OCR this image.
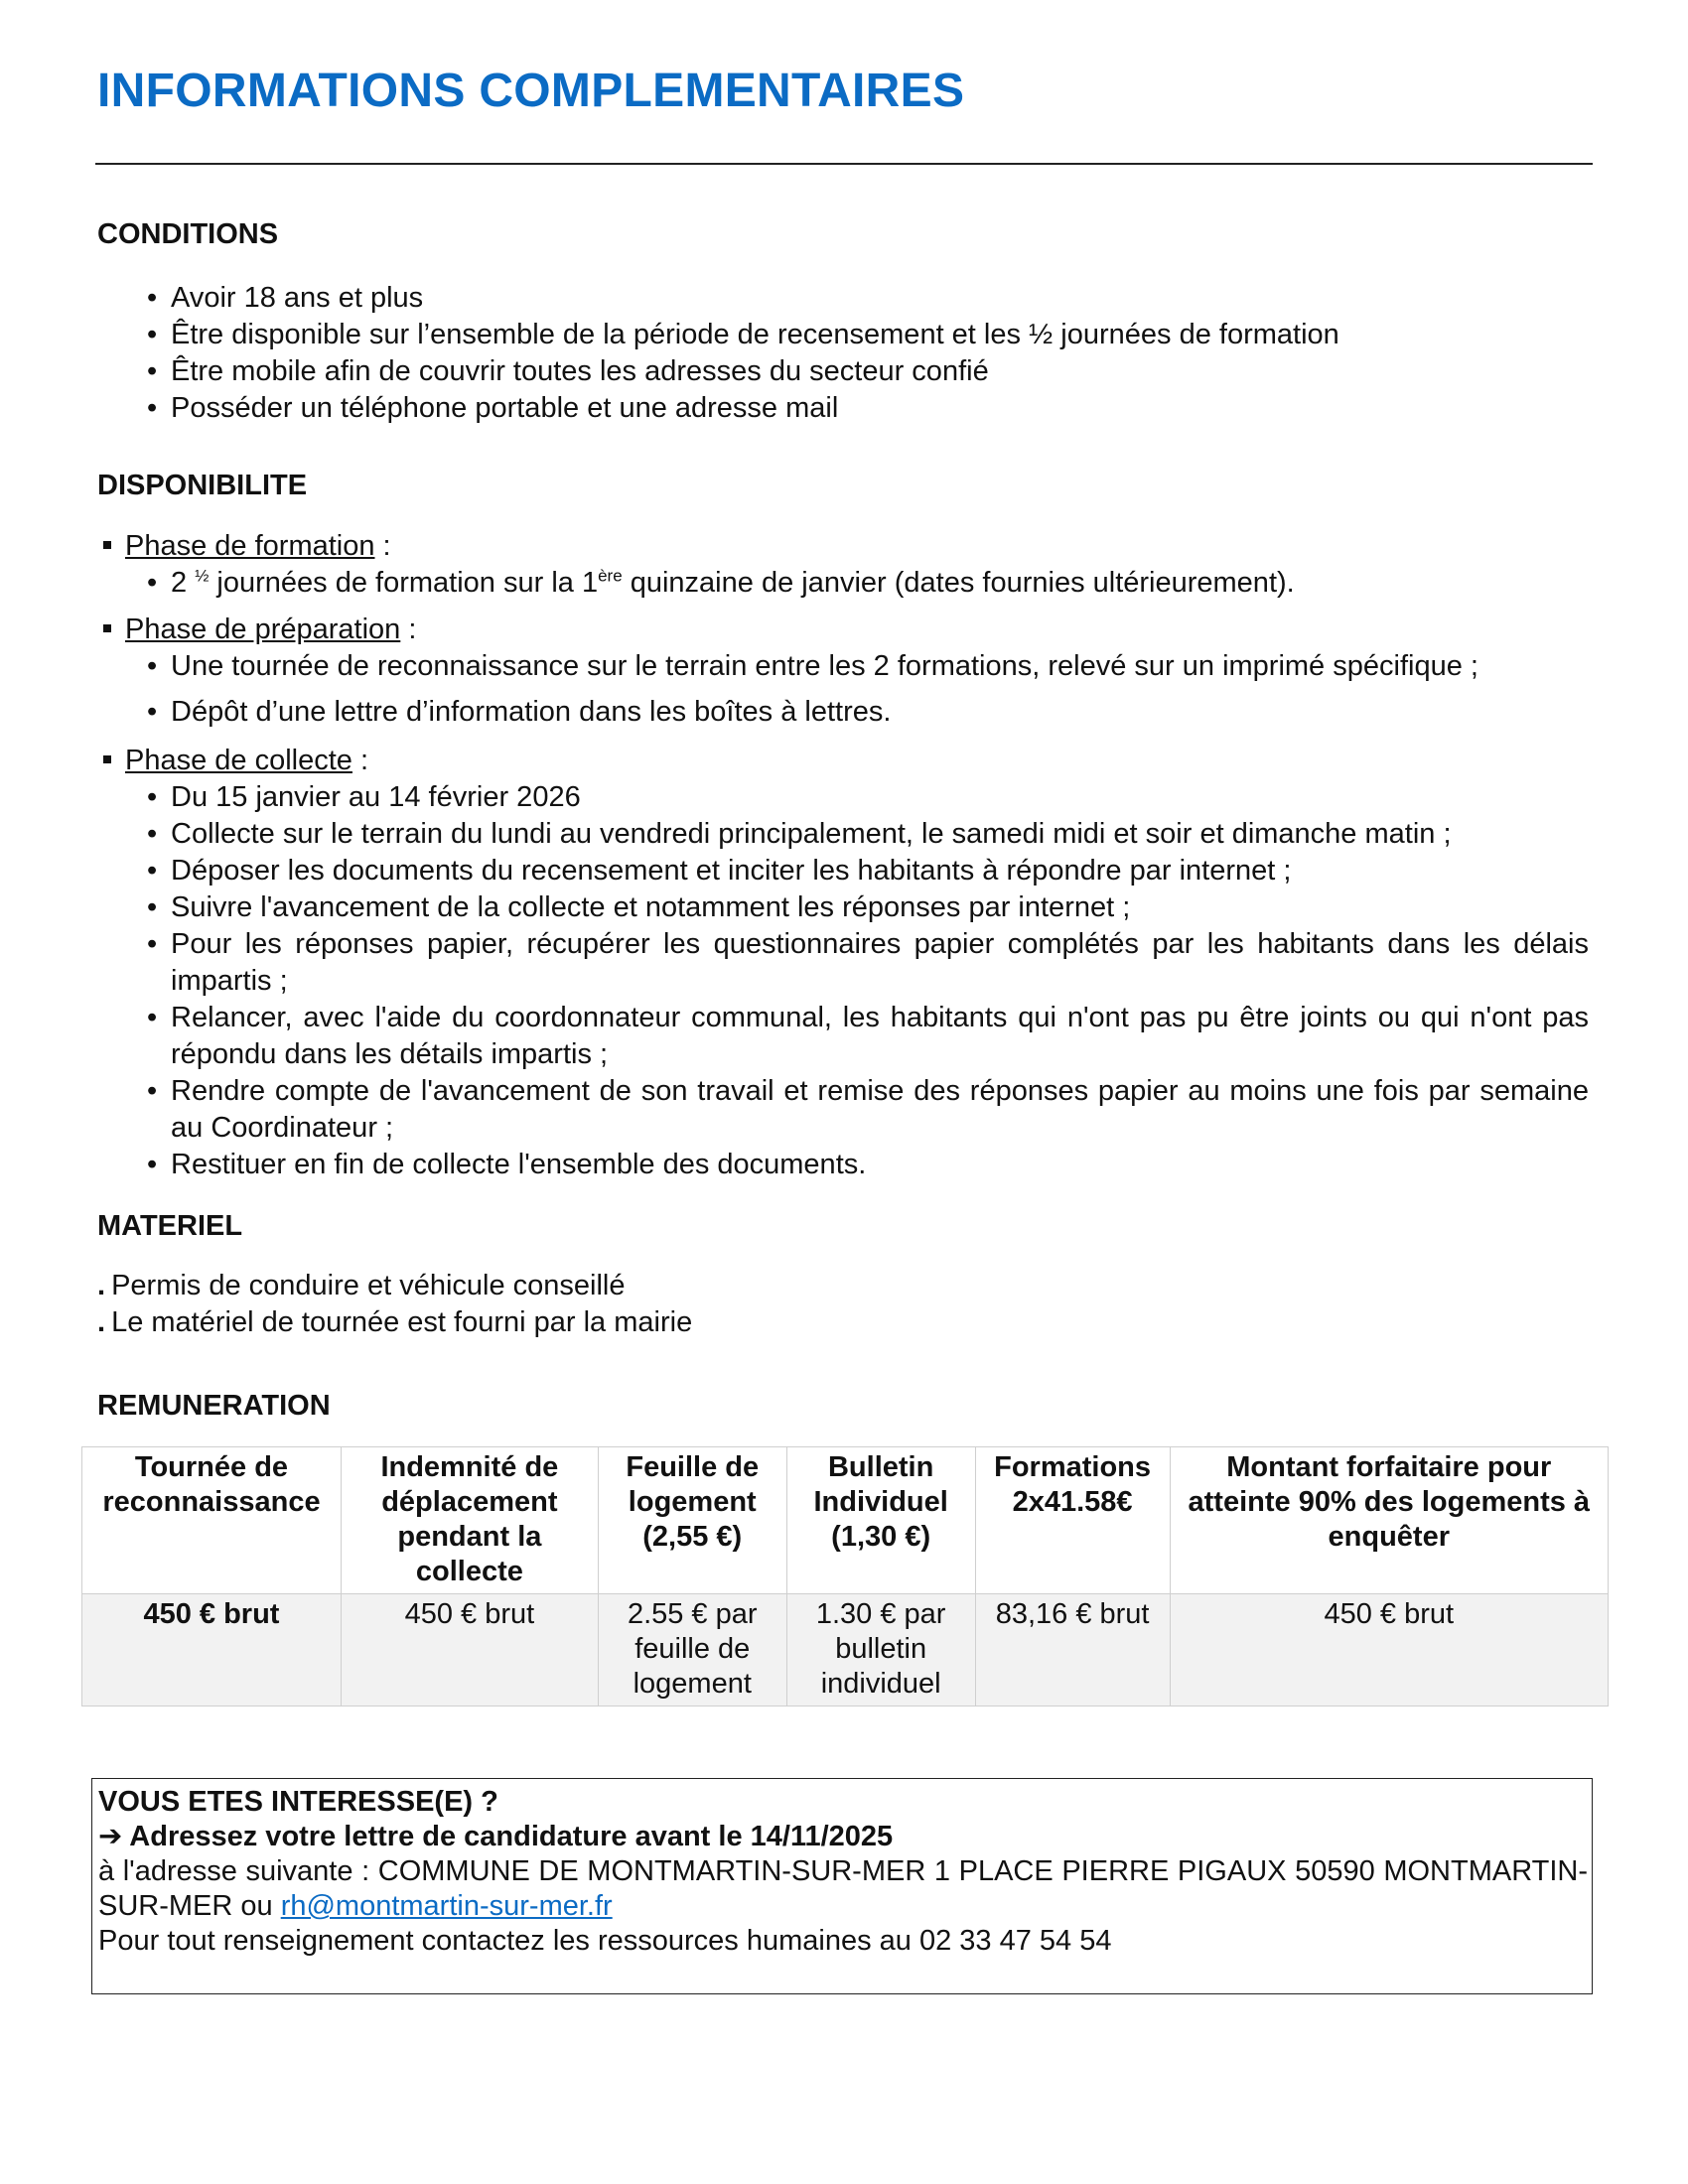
INFORMATIONS COMPLEMENTAIRES
CONDITIONS
• Avoir 18 ans et plus
• Être disponible sur l’ensemble de la période de recensement et les ½ journées de formation
• Être mobile afin de couvrir toutes les adresses du secteur confié
• Posséder un téléphone portable et une adresse mail
DISPONIBILITE
Phase de formation :
• 2 $^{\frac{1}{2}}$ journées de formation sur la 1ère quinzaine de janvier (dates fournies ultérieurement).
Phase de préparation :
• Une tournée de reconnaissance sur le terrain entre les 2 formations, relevé sur un imprimé spécifique ;
• Dépôt d’une lettre d’information dans les boîtes à lettres.
Phase de collecte :
• Du 15 janvier au 14 février 2026
• Collecte sur le terrain du lundi au vendredi principalement, le samedi midi et soir et dimanche matin ;
• Déposer les documents du recensement et inciter les habitants à répondre par internet ;
• Suivre l'avancement de la collecte et notamment les réponses par internet ;
• Pour les réponses papier, récupérer les questionnaires papier complétés par les habitants dans les délais impartis ;
• Relancer, avec l'aide du coordonnateur communal, les habitants qui n'ont pas pu être joints ou qui n'ont pas répondu dans les détails impartis ;
• Rendre compte de l'avancement de son travail et remise des réponses papier au moins une fois par semaine au Coordinateur ;
• Restituer en fin de collecte l'ensemble des documents.
MATERIEL
. Permis de conduire et véhicule conseillé
. Le matériel de tournée est fourni par la mairie
REMUNERATION
Tournée de reconnaissance	Indemnité de déplacement pendant la collecte	Feuille de logement (2,55 €)	Bulletin Individuel (1,30 €)	Formations 2x41.58€	Montant forfaitaire pour atteinte 90% des logements à enquêter
450 € brut	450 € brut	2.55 € par feuille de logement	1.30 € par bulletin individuel	83,16 € brut	450 € brut
VOUS ETES INTERESSE(E) ?
➔ Adressez votre lettre de candidature avant le 14/11/2025
à l'adresse suivante : COMMUNE DE MONTMARTIN-SUR-MER 1 PLACE PIERRE PIGAUX 50590 MONTMARTIN-SUR-MER ou rh@montmartin-sur-mer.fr
Pour tout renseignement contactez les ressources humaines au 02 33 47 54 54
